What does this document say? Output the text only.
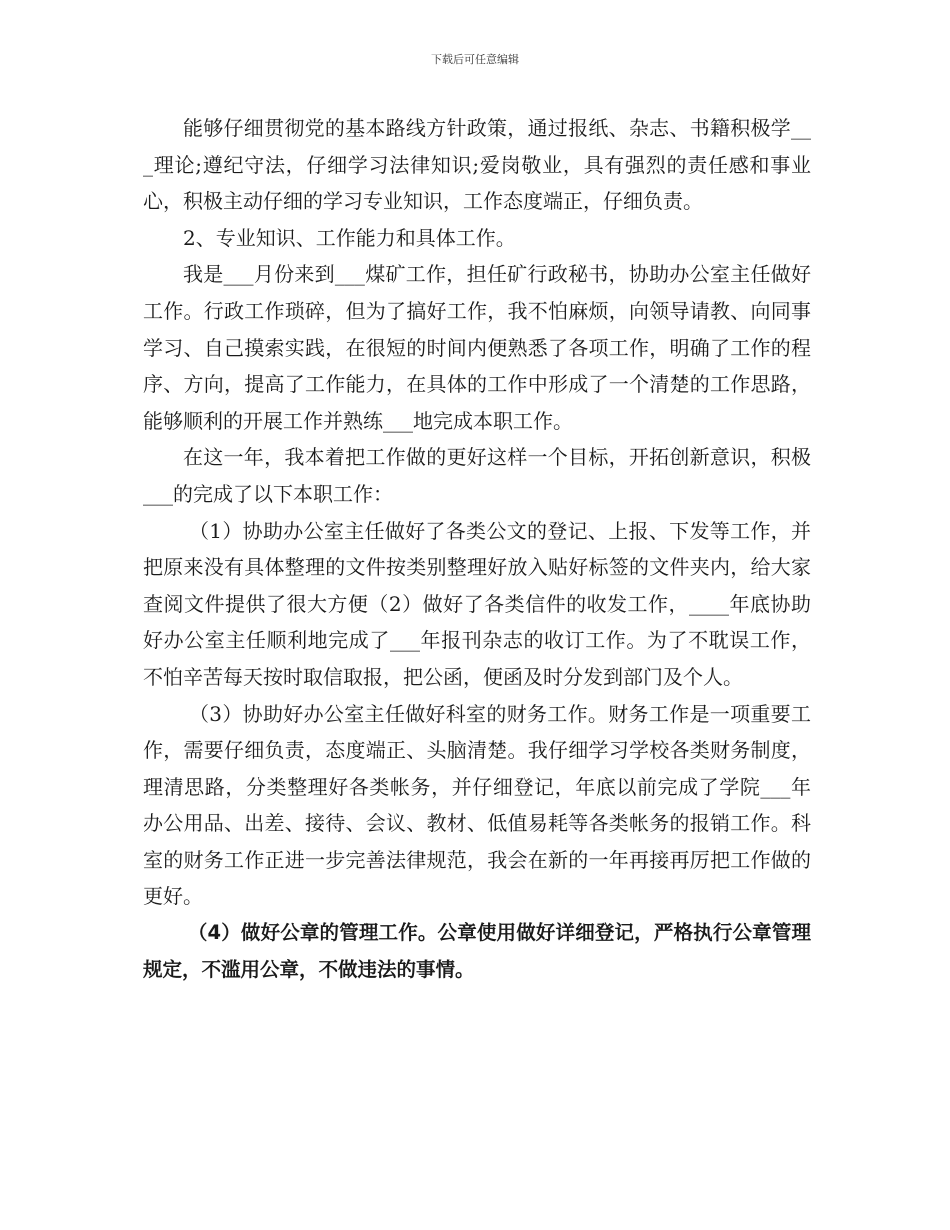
下载后可任意编辑

能够仔细贯彻党的基本路线方针政策，通过报纸、杂志、书籍积极学___理论;遵纪守法，仔细学习法律知识;爱岗敬业，具有强烈的责任感和事业心，积极主动仔细的学习专业知识，工作态度端正，仔细负责。

2、专业知识、工作能力和具体工作。

我是___月份来到___煤矿工作，担任矿行政秘书，协助办公室主任做好工作。行政工作琐碎，但为了搞好工作，我不怕麻烦，向领导请教、向同事学习、自己摸索实践，在很短的时间内便熟悉了各项工作，明确了工作的程序、方向，提高了工作能力，在具体的工作中形成了一个清楚的工作思路，能够顺利的开展工作并熟练___地完成本职工作。

在这一年，我本着把工作做的更好这样一个目标，开拓创新意识，积极___的完成了以下本职工作：

（1）协助办公室主任做好了各类公文的登记、上报、下发等工作，并把原来没有具体整理的文件按类别整理好放入贴好标签的文件夹内，给大家查阅文件提供了很大方便（2）做好了各类信件的收发工作，____年底协助好办公室主任顺利地完成了___年报刊杂志的收订工作。为了不耽误工作，不怕辛苦每天按时取信取报，把公函，便函及时分发到部门及个人。

（3）协助好办公室主任做好科室的财务工作。财务工作是一项重要工作，需要仔细负责，态度端正、头脑清楚。我仔细学习学校各类财务制度，理清思路，分类整理好各类帐务，并仔细登记，年底以前完成了学院___年办公用品、出差、接待、会议、教材、低值易耗等各类帐务的报销工作。科室的财务工作正进一步完善法律规范，我会在新的一年再接再厉把工作做的更好。

（4）做好公章的管理工作。公章使用做好详细登记，严格执行公章管理规定，不滥用公章，不做违法的事情。
